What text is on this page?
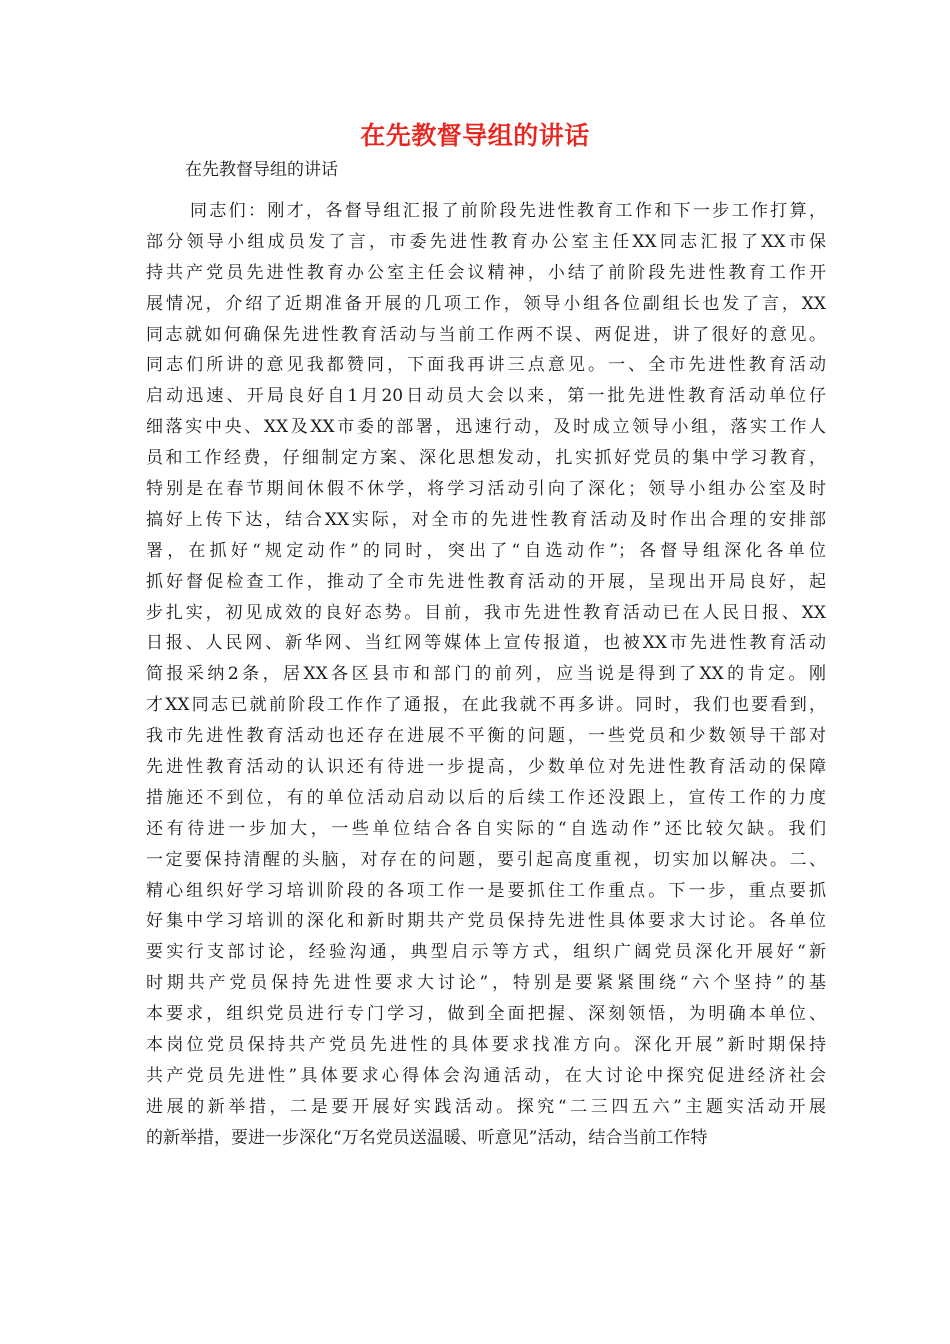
在先教督导组的讲话
在先教督导组的讲话
同志们：刚才，各督导组汇报了前阶段先进性教育工作和下一步工作打算，
部分领导小组成员发了言，市委先进性教育办公室主任XX同志汇报了XX市保
持共产党员先进性教育办公室主任会议精神，小结了前阶段先进性教育工作开
展情况，介绍了近期准备开展的几项工作，领导小组各位副组长也发了言，XX
同志就如何确保先进性教育活动与当前工作两不误、两促进，讲了很好的意见。
同志们所讲的意见我都赞同，下面我再讲三点意见。一、全市先进性教育活动
启动迅速、开局良好自1月20日动员大会以来，第一批先进性教育活动单位仔
细落实中央、XX及XX市委的部署，迅速行动，及时成立领导小组，落实工作人
员和工作经费，仔细制定方案、深化思想发动，扎实抓好党员的集中学习教育，
特别是在春节期间休假不休学，将学习活动引向了深化；领导小组办公室及时
搞好上传下达，结合XX实际，对全市的先进性教育活动及时作出合理的安排部
署，在抓好“规定动作”的同时，突出了“自选动作”；各督导组深化各单位
抓好督促检查工作，推动了全市先进性教育活动的开展，呈现出开局良好，起
步扎实，初见成效的良好态势。目前，我市先进性教育活动已在人民日报、XX
日报、人民网、新华网、当红网等媒体上宣传报道，也被XX市先进性教育活动
简报采纳2条，居XX各区县市和部门的前列，应当说是得到了XX的肯定。刚
才XX同志已就前阶段工作作了通报，在此我就不再多讲。同时，我们也要看到，
我市先进性教育活动也还存在进展不平衡的问题，一些党员和少数领导干部对
先进性教育活动的认识还有待进一步提高，少数单位对先进性教育活动的保障
措施还不到位，有的单位活动启动以后的后续工作还没跟上，宣传工作的力度
还有待进一步加大，一些单位结合各自实际的“自选动作”还比较欠缺。我们
一定要保持清醒的头脑，对存在的问题，要引起高度重视，切实加以解决。二、
精心组织好学习培训阶段的各项工作一是要抓住工作重点。下一步，重点要抓
好集中学习培训的深化和新时期共产党员保持先进性具体要求大讨论。各单位
要实行支部讨论，经验沟通，典型启示等方式，组织广阔党员深化开展好“新
时期共产党员保持先进性要求大讨论”，特别是要紧紧围绕“六个坚持”的基
本要求，组织党员进行专门学习，做到全面把握、深刻领悟，为明确本单位、
本岗位党员保持共产党员先进性的具体要求找准方向。深化开展”新时期保持
共产党员先进性”具体要求心得体会沟通活动，在大讨论中探究促进经济社会
进展的新举措，二是要开展好实践活动。探究“二三四五六”主题实活动开展
的新举措，要进一步深化“万名党员送温暖、听意见”活动，结合当前工作特
